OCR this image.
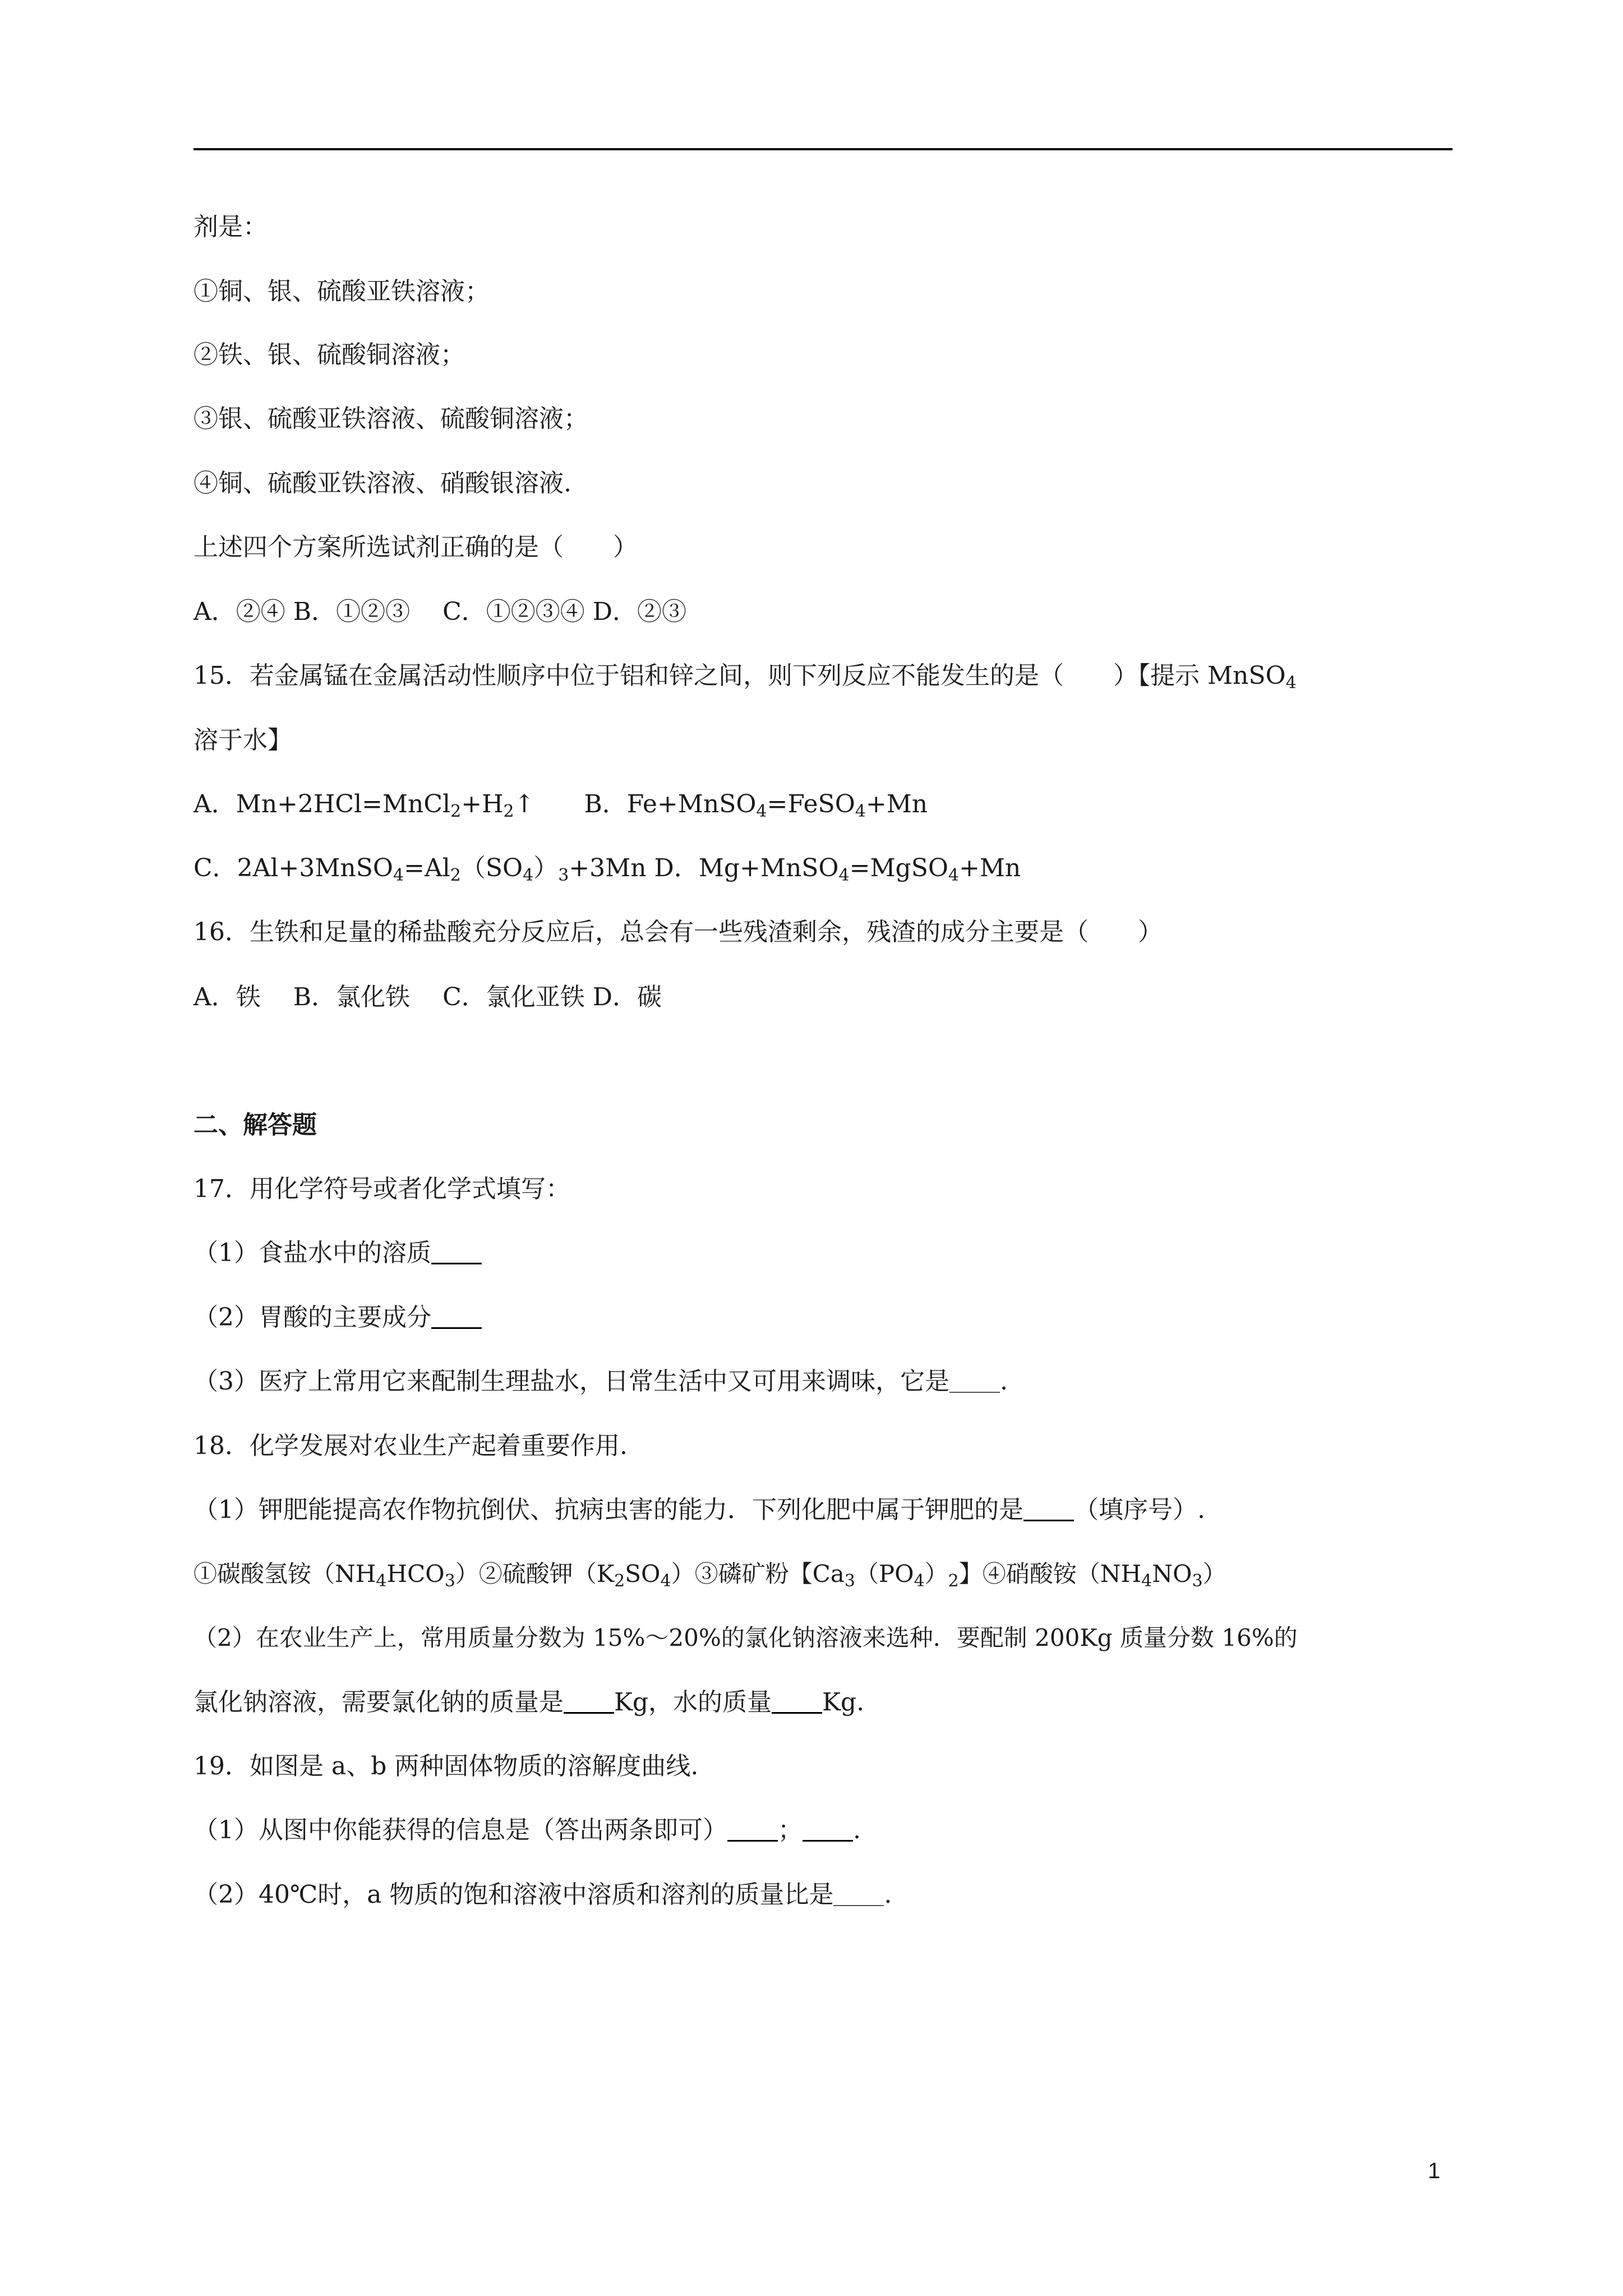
剂是：
①铜、银、硫酸亚铁溶液；
②铁、银、硫酸铜溶液；
③银、硫酸亚铁溶液、硫酸铜溶液；
④铜、硫酸亚铁溶液、硝酸银溶液.
上述四个方案所选试剂正确的是（　　）
A．②④ B．①②③　 C．①②③④ D．②③
15．若金属锰在金属活动性顺序中位于铝和锌之间，则下列反应不能发生的是（　　）【提示 MnSO$_4$
溶于水】
A．$Mn+2HCl=MnCl_2+H_2↑$　　B．Fe+MnSO$_4$=FeSO$_4$+Mn
C．$2Al+3MnSO_4=Al_2(SO_4)_3+3Mn$ D．Mg+MnSO$_4$=MgSO$_4$+Mn
16．生铁和足量的稀盐酸充分反应后，总会有一些残渣剩余，残渣的成分主要是（　　）
A．铁　 B．氯化铁　 C．氯化亚铁 D．碳
二、解答题
17．用化学符号或者化学式填写：
（1）食盐水中的溶质
（2）胃酸的主要成分
（3）医疗上常用它来配制生理盐水，日常生活中又可用来调味，它是 .
18．化学发展对农业生产起着重要作用.
（1）钾肥能提高农作物抗倒伏、抗病虫害的能力．下列化肥中属于钾肥的是 （填序号）.
①碳酸氢铵$(NH_4HCO_3)②$硫酸钾$(K_2SO_4)③$磷矿粉【$Ca_3(PO_4)_2$】④硝酸铵$(NH_4NO_3)$
（2）在农业生产上，常用质量分数为 15%～20%的氯化钠溶液来选种．要配制 200Kg 质量分数 16%的
氯化钠溶液，需要氯化钠的质量是 Kg，水的质量 Kg.
19．如图是 a、b 两种固体物质的溶解度曲线.
（1）从图中你能获得的信息是（答出两条即可） ； .
（2）40℃时，a 物质的饱和溶液中溶质和溶剂的质量比是 .
1
